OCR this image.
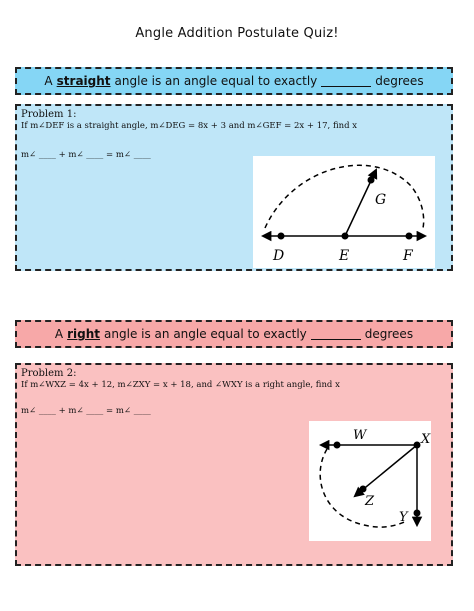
Angle Addition Postulate Quiz!
A straight angle is an angle equal to exactly	degrees
Problem 1:
If m∠DEF is a straight angle, m∠DEG = 8x + 3 and m∠GEF = 2x + 17, find x
m∠ ____ + m∠ ____ = m∠ ____
D	E	F
G
A right angle is an angle equal to exactly	degrees
Problem 2:
If m∠WXZ = 4x + 12, m∠ZXY = x + 18, and ∠WXY is a right angle, find x
m∠ ____ + m∠ ____ = m∠ ____
W	X
Y
Z
